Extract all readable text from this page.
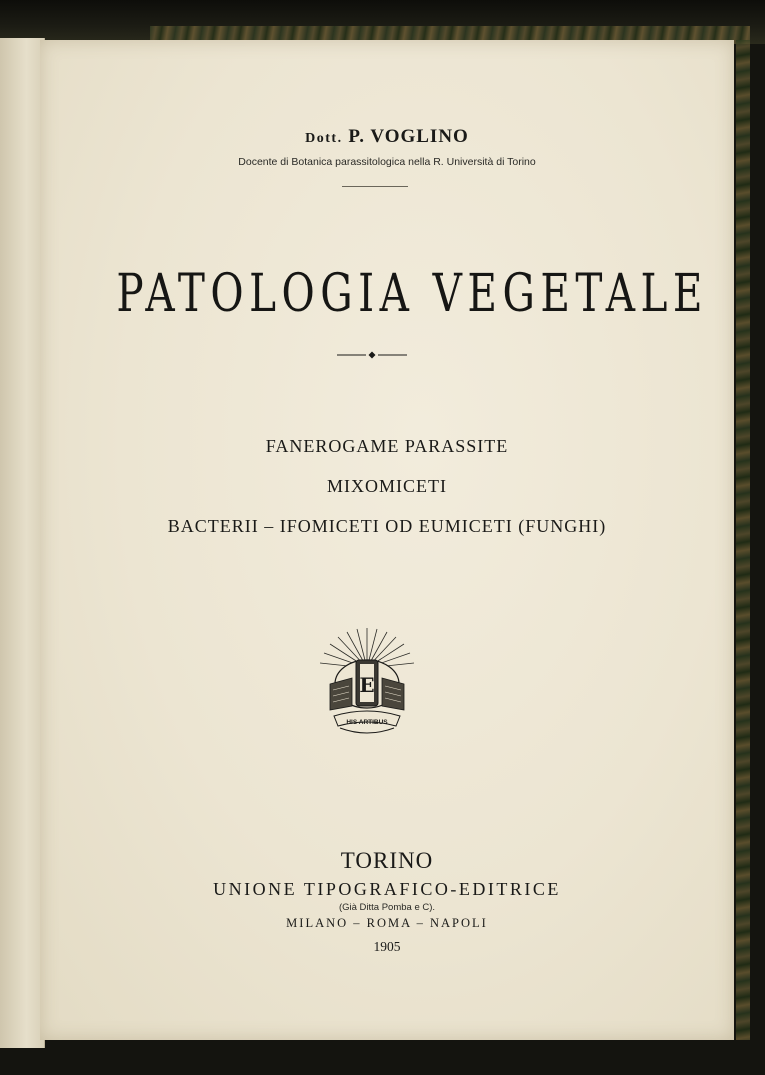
Dott. P. VOGLINO
Docente di Botanica parassitologica nella R. Università di Torino
PATOLOGIA VEGETALE
FANEROGAME PARASSITE
MIXOMICETI
BACTERII – IFOMICETI OD EUMICETI (FUNGHI)
E
HIS ARTIBUS
TORINO
UNIONE TIPOGRAFICO-EDITRICE
(Già Ditta Pomba e C).
MILANO – ROMA – NAPOLI
1905
